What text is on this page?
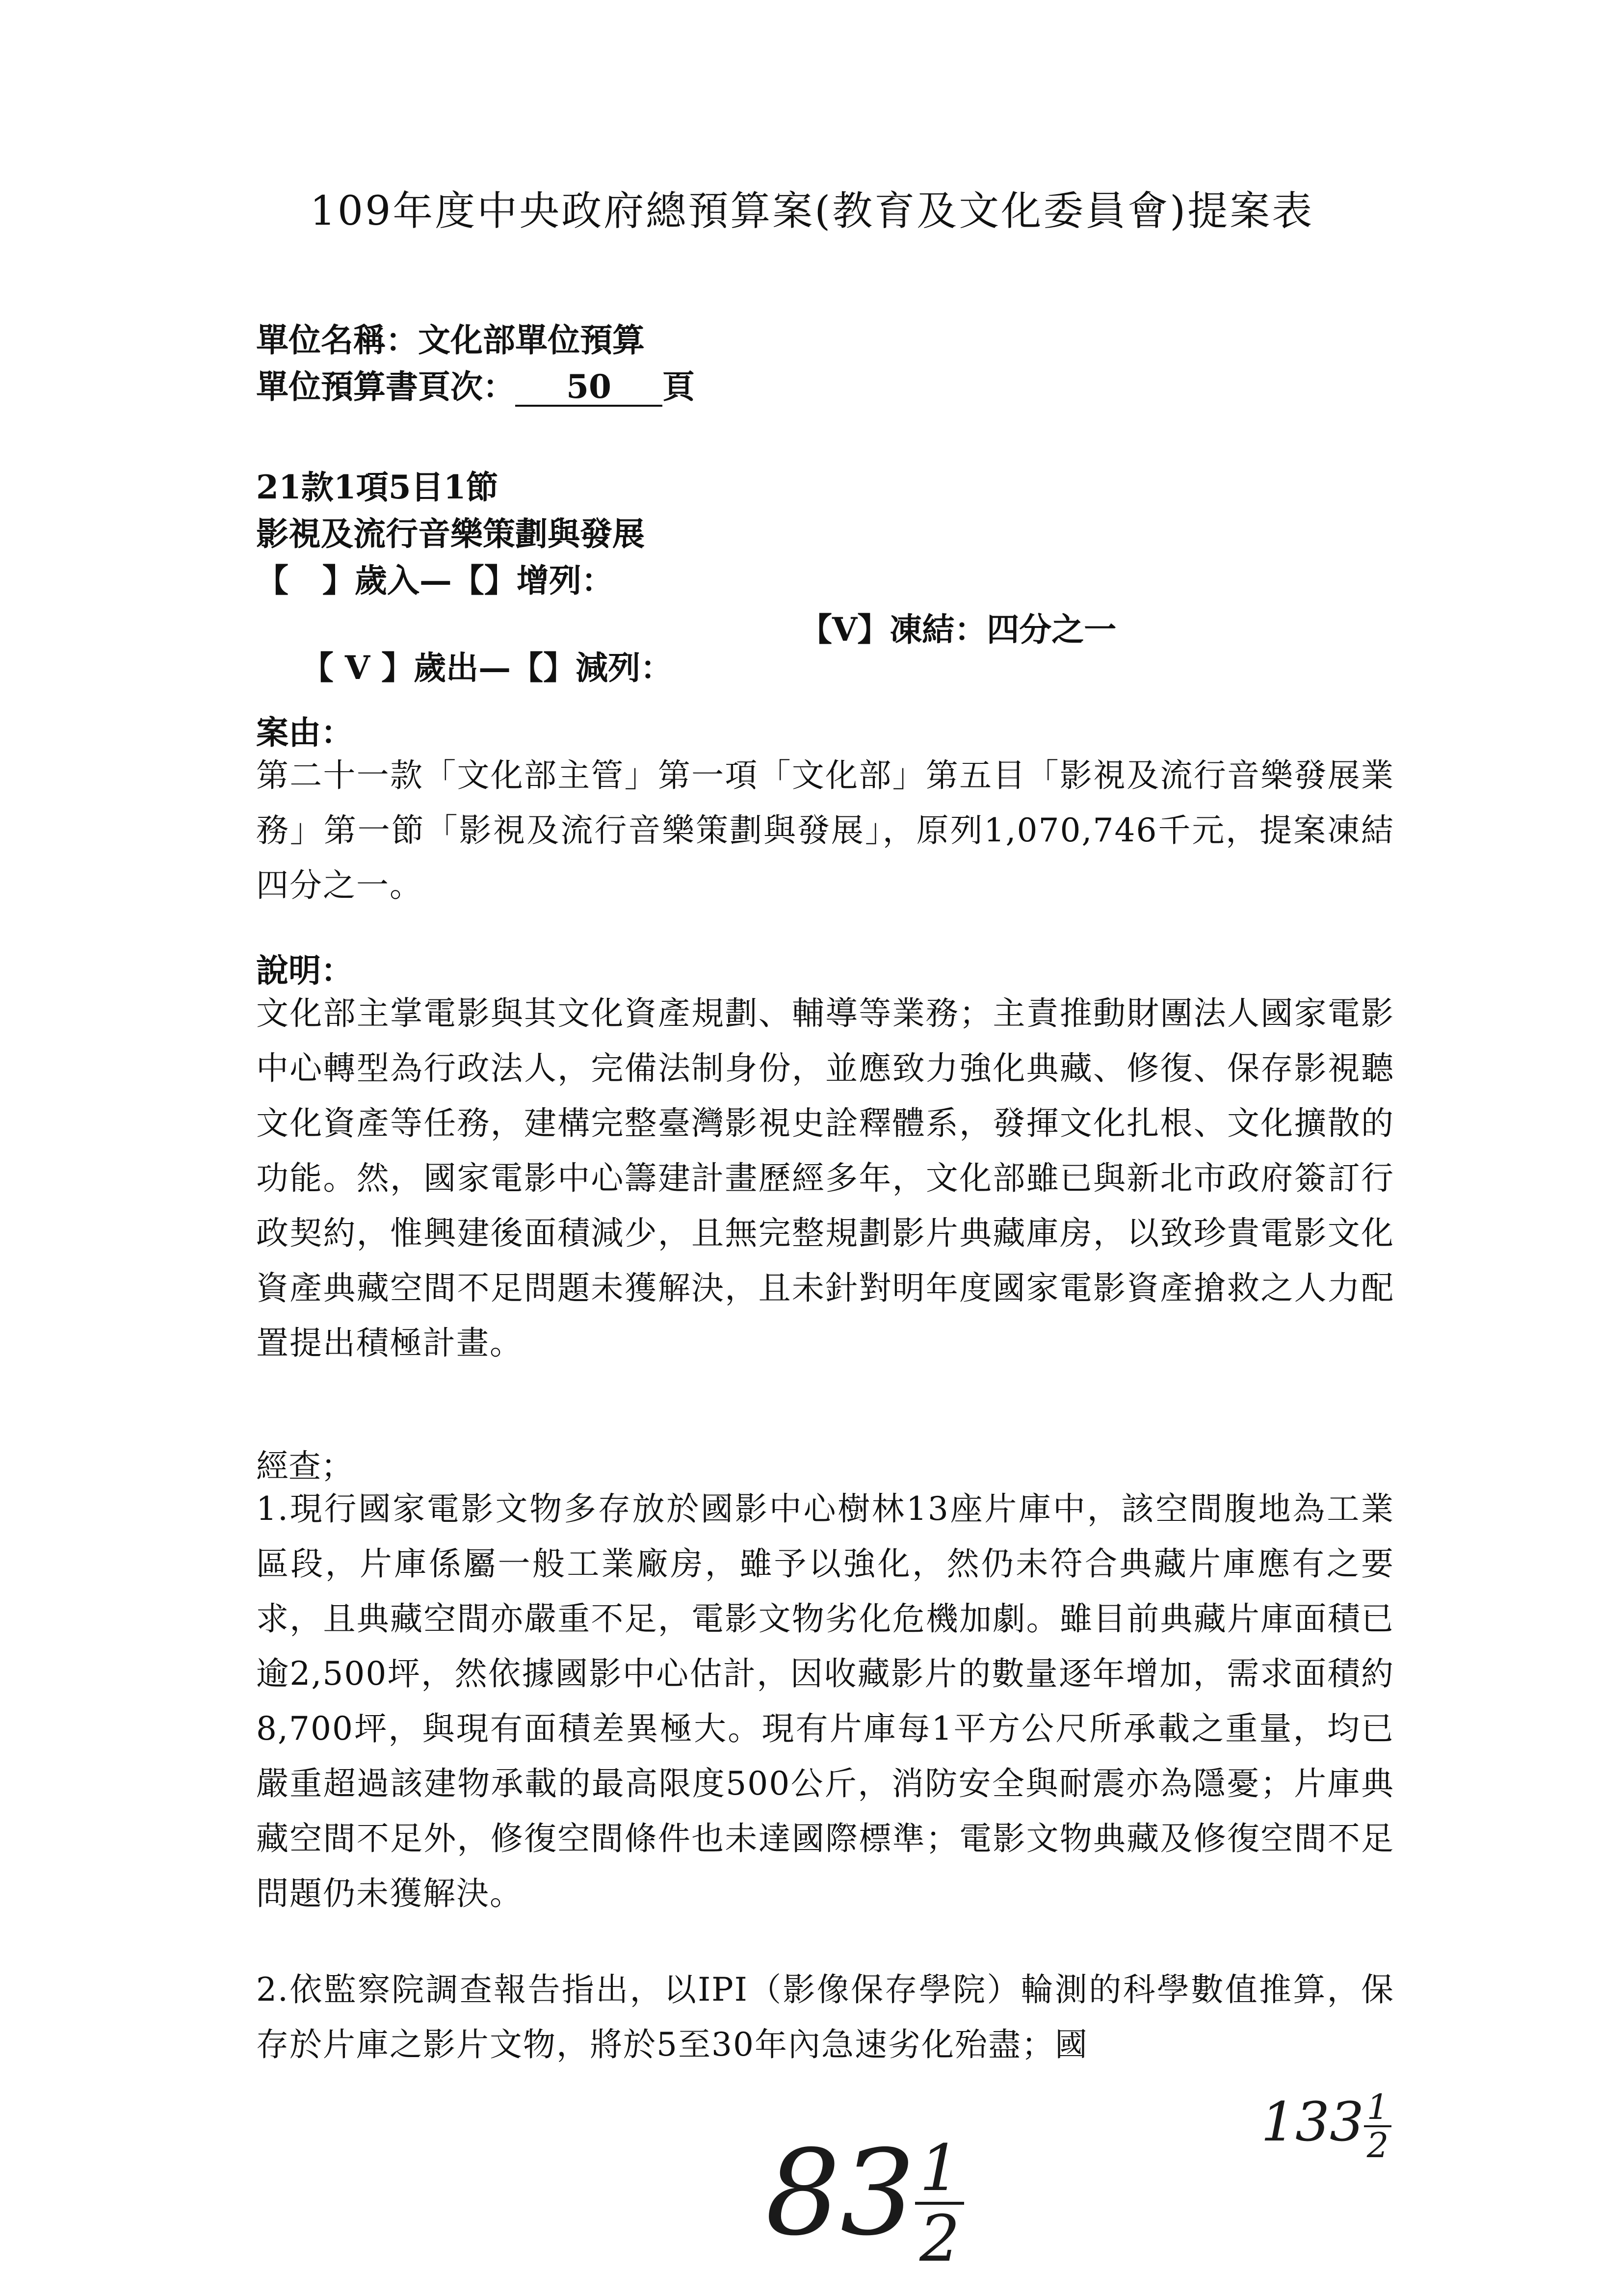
109年度中央政府總預算案(教育及文化委員會)提案表
單位名稱：文化部單位預算
單位預算書頁次： 50 頁
21款1項5目1節
影視及流行音樂策劃與發展
【   】歲入—【】增列：

【 V 】歲出—【】減列：

【V】凍結：四分之一
案由：
第二十一款「文化部主管」第一項「文化部」第五目「影視及流行音樂發展業務」第一節「影視及流行音樂策劃與發展」，原列1,070,746千元，提案凍結四分之一。
說明：
文化部主掌電影與其文化資產規劃、輔導等業務；主責推動財團法人國家電影中心轉型為行政法人，完備法制身份，並應致力強化典藏、修復、保存影視聽文化資產等任務，建構完整臺灣影視史詮釋體系，發揮文化扎根、文化擴散的功能。然，國家電影中心籌建計畫歷經多年，文化部雖已與新北市政府簽訂行政契約，惟興建後面積減少，且無完整規劃影片典藏庫房，以致珍貴電影文化資產典藏空間不足問題未獲解決，且未針對明年度國家電影資產搶救之人力配置提出積極計畫。
經查；
1.現行國家電影文物多存放於國影中心樹林13座片庫中，該空間腹地為工業區段，片庫係屬一般工業廠房，雖予以強化，然仍未符合典藏片庫應有之要求，且典藏空間亦嚴重不足，電影文物劣化危機加劇。雖目前典藏片庫面積已逾2,500坪，然依據國影中心估計，因收藏影片的數量逐年增加，需求面積約8,700坪，與現有面積差異極大。現有片庫每1平方公尺所承載之重量，均已嚴重超過該建物承載的最高限度500公斤，消防安全與耐震亦為隱憂；片庫典藏空間不足外，修復空間條件也未達國際標準；電影文物典藏及修復空間不足問題仍未獲解決。
2.依監察院調查報告指出，以IPI（影像保存學院）輪測的科學數值推算，保存於片庫之影片文物，將於5至30年內急速劣化殆盡；國
83 1
2
$133 \frac{1}{2}$
